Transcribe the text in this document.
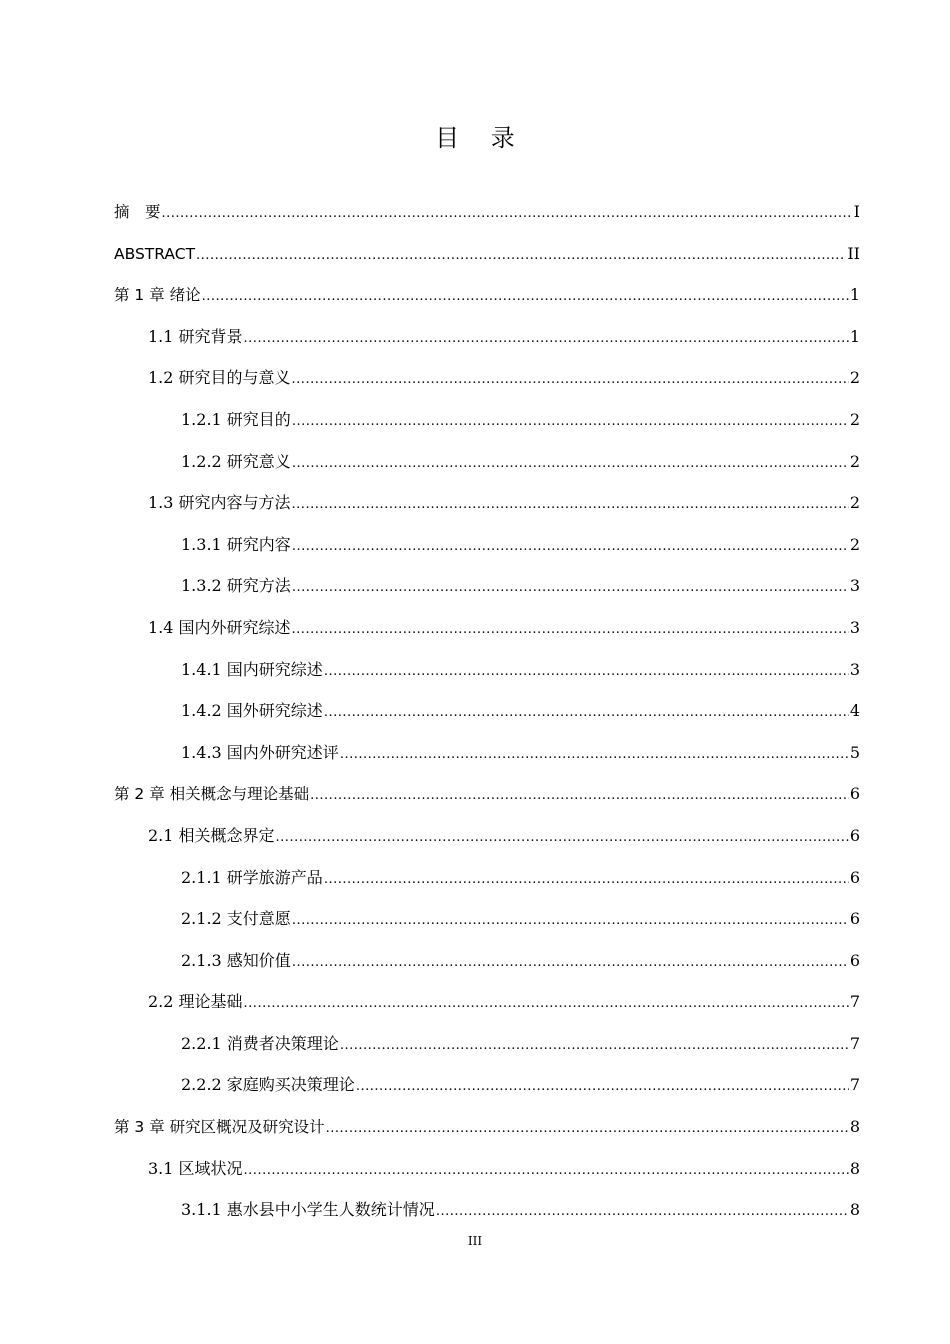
目 录
摘　要 .....	I
ABSTRACT .....	II
第 1 章 绪论 .....	1
1.1 研究背景 .....	1
1.2 研究目的与意义 .....	2
1.2.1 研究目的 .....	2
1.2.2 研究意义 .....	2
1.3 研究内容与方法 .....	2
1.3.1 研究内容 .....	2
1.3.2 研究方法 .....	3
1.4 国内外研究综述 .....	3
1.4.1 国内研究综述 .....	3
1.4.2 国外研究综述 .....	4
1.4.3 国内外研究述评 .....	5
第 2 章 相关概念与理论基础 .....	6
2.1 相关概念界定 .....	6
2.1.1 研学旅游产品 .....	6
2.1.2 支付意愿 .....	6
2.1.3 感知价值 .....	6
2.2 理论基础 .....	7
2.2.1 消费者决策理论 .....	7
2.2.2 家庭购买决策理论 .....	7
第 3 章 研究区概况及研究设计 .....	8
3.1 区域状况 .....	8
3.1.1 惠水县中小学生人数统计情况 .....	8
III
